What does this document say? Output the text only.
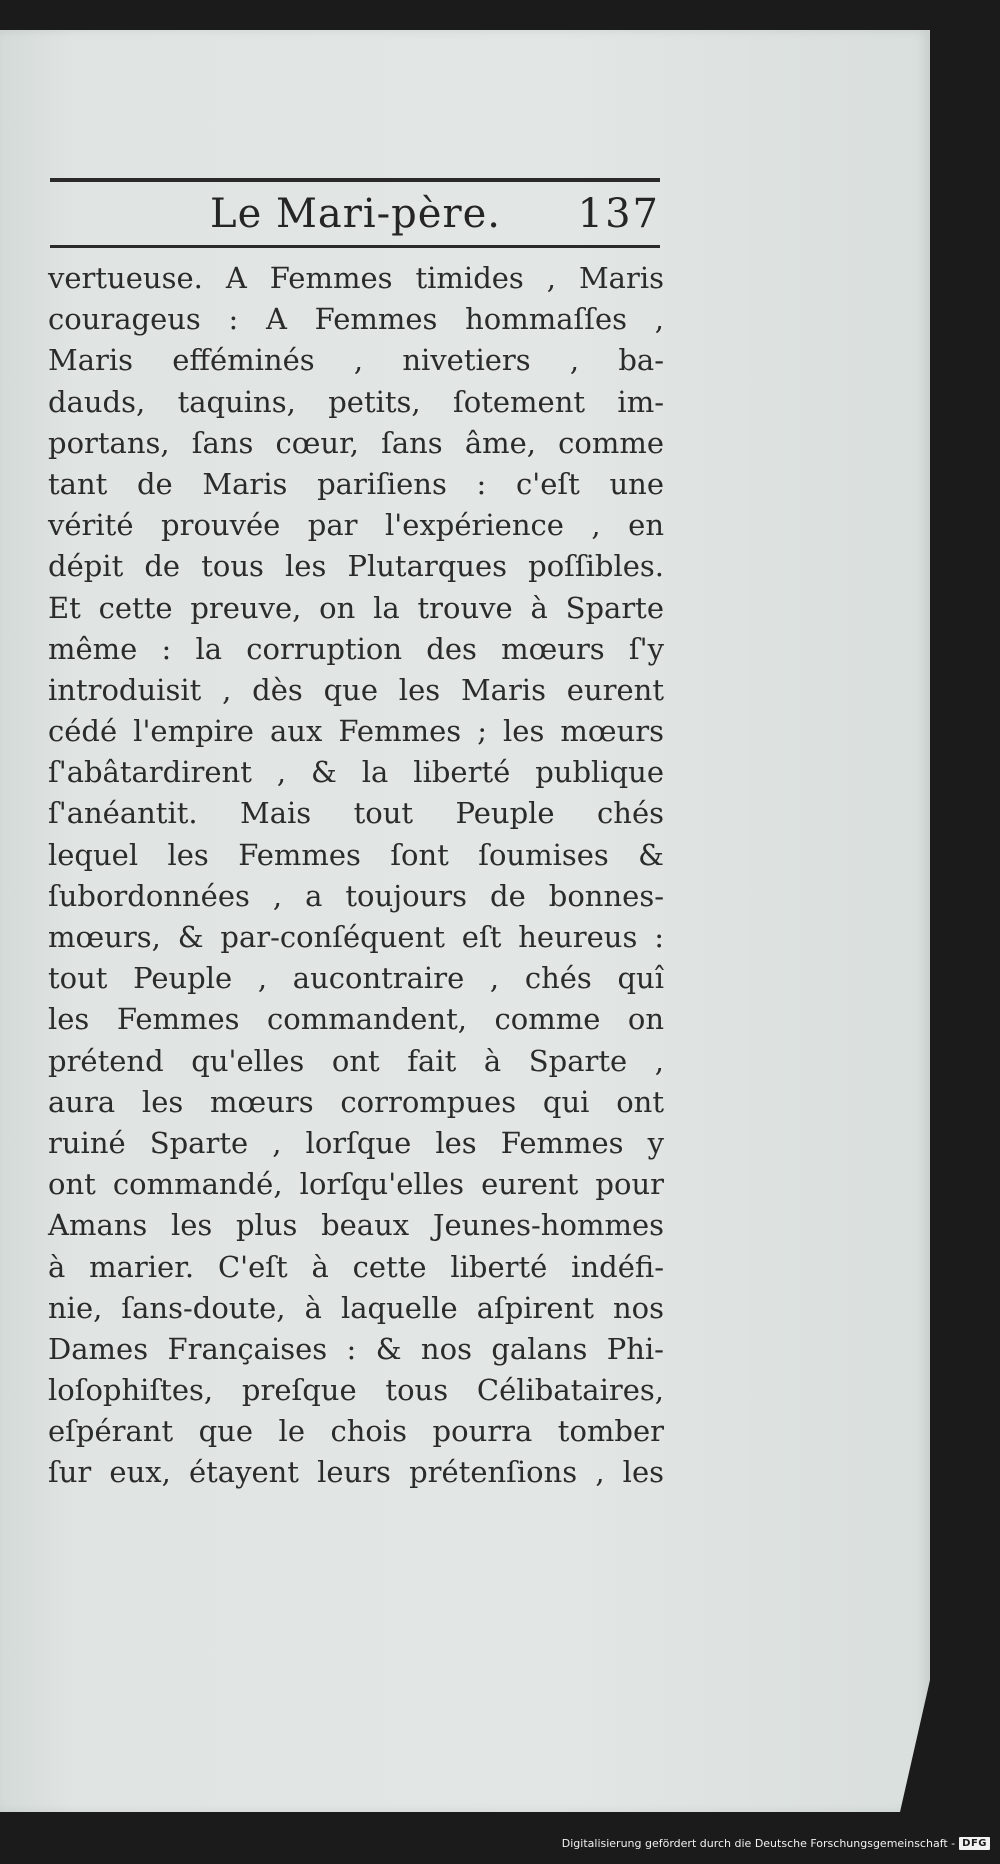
Le Mari-père. 137
vertueuse. A Femmes timides , Maris
courageus : A Femmes hommaſſes ,
Maris efféminés , nivetiers , ba-
dauds, taquins, petits, ſotement im-
portans, ſans cœur, ſans âme, comme
tant de Maris pariſiens : c'eſt une
vérité prouvée par l'expérience , en
dépit de tous les Plutarques poſſibles.
Et cette preuve, on la trouve à Sparte
même : la corruption des mœurs ſ'y
introduisit , dès que les Maris eurent
cédé l'empire aux Femmes ; les mœurs
ſ'abâtardirent , & la liberté publique
ſ'anéantit. Mais tout Peuple chés
lequel les Femmes ſont ſoumises &
ſubordonnées , a toujours de bonnes-
mœurs, & par-conſéquent eſt heureus :
tout Peuple , aucontraire , chés quî
les Femmes commandent, comme on
prétend qu'elles ont fait à Sparte ,
aura les mœurs corrompues qui ont
ruiné Sparte , lorſque les Femmes y
ont commandé, lorſqu'elles eurent pour
Amans les plus beaux Jeunes-hommes
à marier. C'eſt à cette liberté indéfi-
nie, ſans-doute, à laquelle aſpirent nos
Dames Françaises : & nos galans Phi-
loſophiſtes, preſque tous Célibataires,
eſpérant que le chois pourra tomber
ſur eux, étayent leurs prétenſions , les
Digitalisierung gefördert durch die Deutsche Forschungsgemeinschaft - DFG
